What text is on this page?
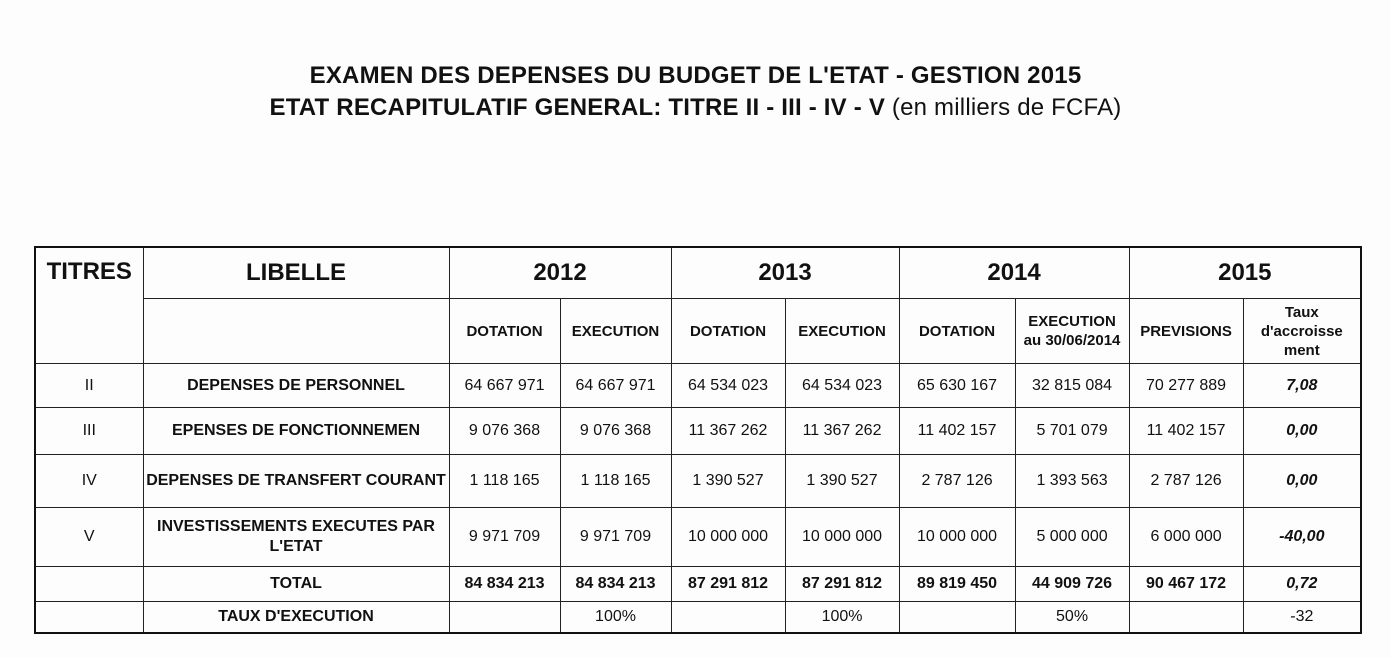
EXAMEN DES DEPENSES DU BUDGET DE L'ETAT - GESTION 2015
ETAT RECAPITULATIF GENERAL: TITRE II - III - IV - V (en milliers de FCFA)
TITRES	LIBELLE	2012		2013		2014		2015	
		DOTATION	EXECUTION	DOTATION	EXECUTION	DOTATION	EXECUTION au 30/06/2014	PREVISIONS	Taux d'accroisse ment
II	DEPENSES DE PERSONNEL	64 667 971	64 667 971	64 534 023	64 534 023	65 630 167	32 815 084	70 277 889	7,08
III	EPENSES DE FONCTIONNEMEN	9 076 368	9 076 368	11 367 262	11 367 262	11 402 157	5 701 079	11 402 157	0,00
IV	DEPENSES DE TRANSFERT COURANT	1 118 165	1 118 165	1 390 527	1 390 527	2 787 126	1 393 563	2 787 126	0,00
V	INVESTISSEMENTS EXECUTES PAR L'ETAT	9 971 709	9 971 709	10 000 000	10 000 000	10 000 000	5 000 000	6 000 000	-40,00
	TOTAL	84 834 213	84 834 213	87 291 812	87 291 812	89 819 450	44 909 726	90 467 172	0,72
	TAUX D'EXECUTION		100%		100%		50%		-32
